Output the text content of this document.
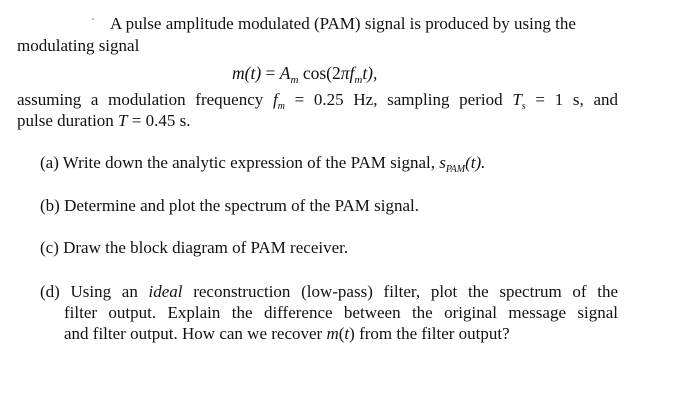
A pulse amplitude modulated (PAM) signal is produced by using the
modulating signal
$m(t) = A_m$ $\cos(2\pi f_mt)$,
assuming a modulation frequency $f_m = 0.25$ Hz, sampling period $T_s = 1$ s, and
pulse duration T = 0.45 s.
(a) Write down the analytic expression of the PAM signal, $s_{PAM}(t)$.
(b) Determine and plot the spectrum of the PAM signal.
(c) Draw the block diagram of PAM receiver.
(d) Using an ideal reconstruction (low-pass) filter, plot the spectrum of the
filter output. Explain the difference between the original message signal
and filter output. How can we recover m(t) from the filter output?
